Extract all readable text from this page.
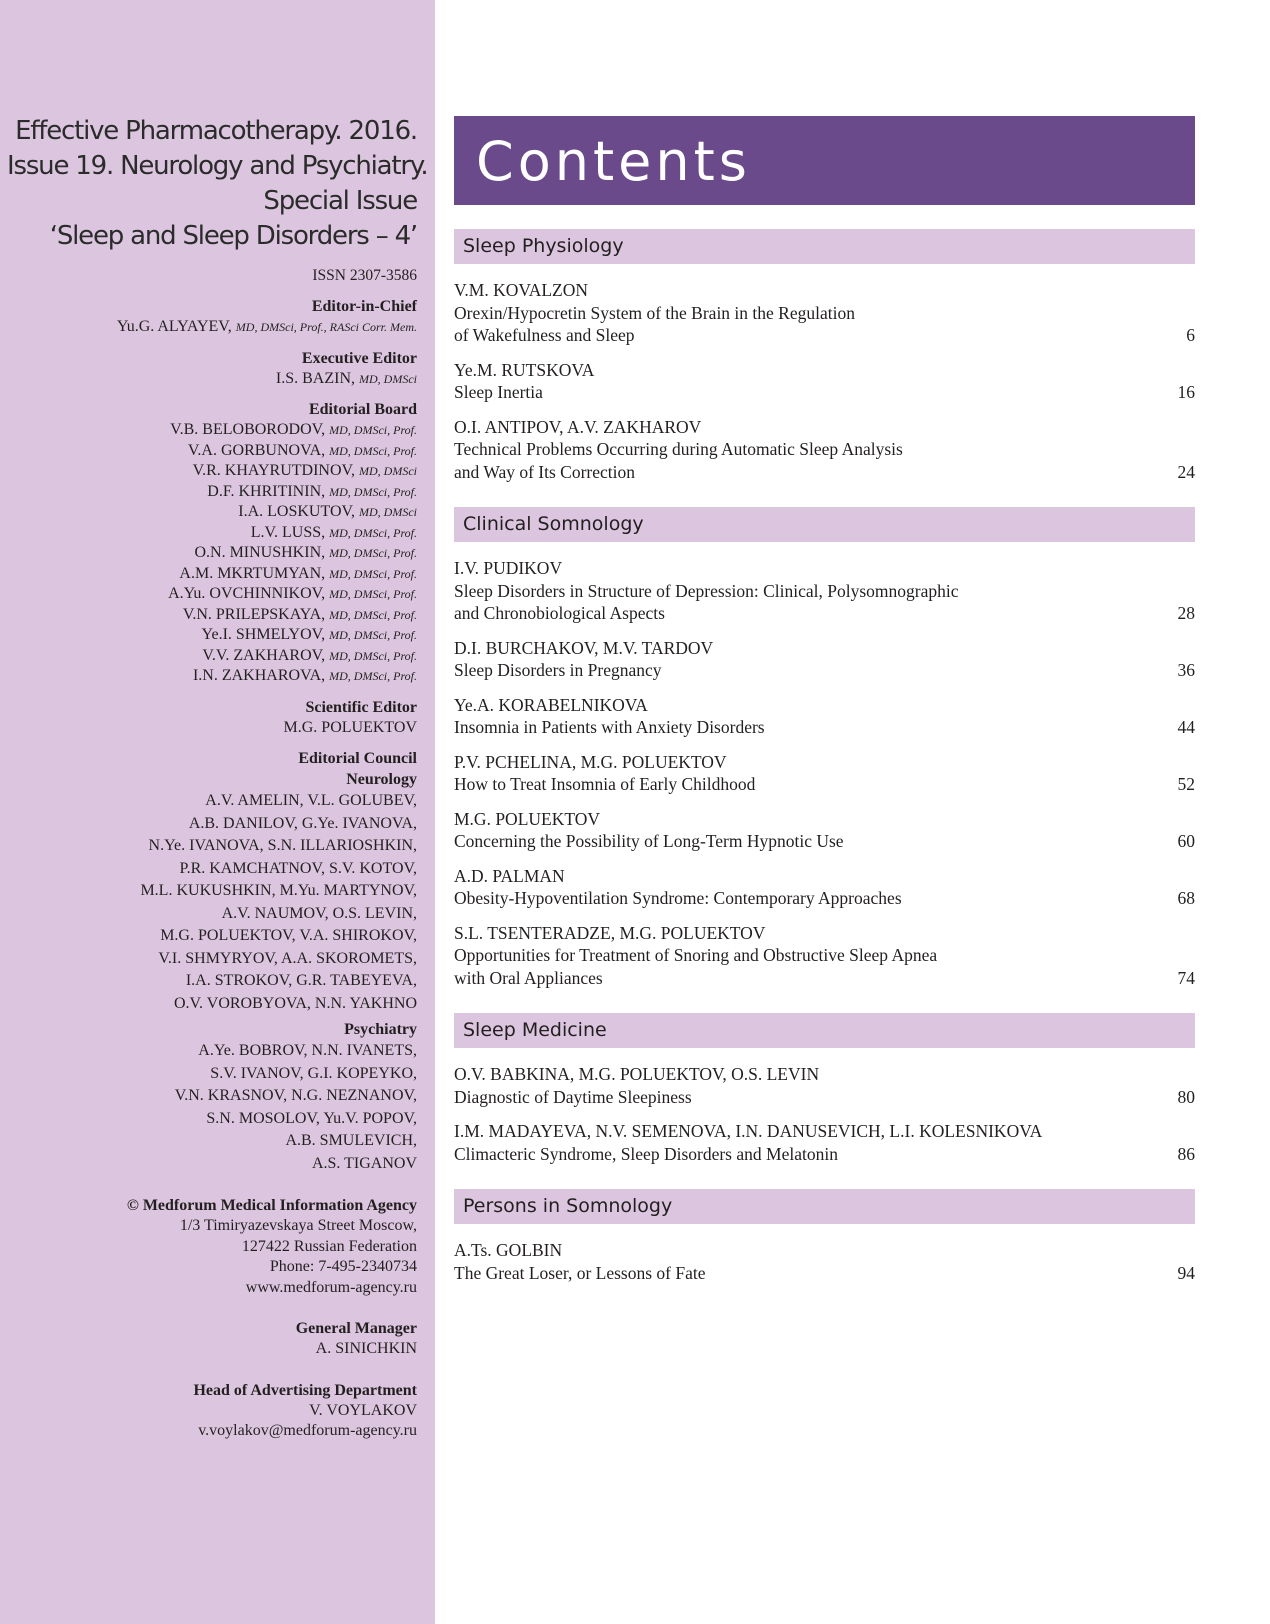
Effective Pharmacotherapy. 2016.
Issue 19. Neurology and Psychiatry.
Special Issue
‘Sleep and Sleep Disorders – 4’
ISSN 2307-3586
Editor-in-Chief
Yu.G. ALYAYEV, MD, DMSci, Prof., RASci Corr. Mem.
Executive Editor
I.S. BAZIN, MD, DMSci
Editorial Board
V.B. BELOBORODOV, MD, DMSci, Prof.
V.A. GORBUNOVA, MD, DMSci, Prof.
V.R. KHAYRUTDINOV, MD, DMSci
D.F. KHRITININ, MD, DMSci, Prof.
I.A. LOSKUTOV, MD, DMSci
L.V. LUSS, MD, DMSci, Prof.
O.N. MINUSHKIN, MD, DMSci, Prof.
A.M. MKRTUMYAN, MD, DMSci, Prof.
A.Yu. OVCHINNIKOV, MD, DMSci, Prof.
V.N. PRILEPSKAYA, MD, DMSci, Prof.
Ye.I. SHMELYOV, MD, DMSci, Prof.
V.V. ZAKHAROV, MD, DMSci, Prof.
I.N. ZAKHAROVA, MD, DMSci, Prof.
Scientific Editor
M.G. POLUEKTOV
Editorial Council
Neurology
A.V. AMELIN, V.L. GOLUBEV,
A.B. DANILOV, G.Ye. IVANOVA,
N.Ye. IVANOVA, S.N. ILLARIOSHKIN,
P.R. KAMCHATNOV, S.V. KOTOV,
M.L. KUKUSHKIN, M.Yu. MARTYNOV,
A.V. NAUMOV, O.S. LEVIN,
M.G. POLUEKTOV, V.A. SHIROKOV,
V.I. SHMYRYOV, A.A. SKOROMETS,
I.A. STROKOV, G.R. TABEYEVA,
O.V. VOROBYOVA, N.N. YAKHNO
Psychiatry
A.Ye. BOBROV, N.N. IVANETS,
S.V. IVANOV, G.I. KOPEYKO,
V.N. KRASNOV, N.G. NEZNANOV,
S.N. MOSOLOV, Yu.V. POPOV,
A.B. SMULEVICH,
A.S. TIGANOV
© Medforum Medical Information Agency
1/3 Timiryazevskaya Street Moscow,
127422 Russian Federation
Phone: 7-495-2340734
www.medforum-agency.ru
General Manager
A. SINICHKIN
Head of Advertising Department
V. VOYLAKOV
v.voylakov@medforum-agency.ru
Contents
Sleep Physiology
V.M. KOVALZON
Orexin/Hypocretin System of the Brain in the Regulation
of Wakefulness and Sleep	6
Ye.M. RUTSKOVA
Sleep Inertia	16
O.I. ANTIPOV, A.V. ZAKHAROV
Technical Problems Occurring during Automatic Sleep Analysis
and Way of Its Correction	24
Clinical Somnology
I.V. PUDIKOV
Sleep Disorders in Structure of Depression: Clinical, Polysomnographic
and Chronobiological Aspects	28
D.I. BURCHAKOV, M.V. TARDOV
Sleep Disorders in Pregnancy	36
Ye.A. KORABELNIKOVA
Insomnia in Patients with Anxiety Disorders	44
P.V. PCHELINA, M.G. POLUEKTOV
How to Treat Insomnia of Early Childhood	52
M.G. POLUEKTOV
Concerning the Possibility of Long-Term Hypnotic Use	60
A.D. PALMAN
Obesity-Hypoventilation Syndrome: Contemporary Approaches	68
S.L. TSENTERADZE, M.G. POLUEKTOV
Opportunities for Treatment of Snoring and Obstructive Sleep Apnea
with Oral Appliances	74
Sleep Medicine
O.V. BABKINA, M.G. POLUEKTOV, O.S. LEVIN
Diagnostic of Daytime Sleepiness	80
I.M. MADAYEVA, N.V. SEMENOVA, I.N. DANUSEVICH, L.I. KOLESNIKOVA
Climacteric Syndrome, Sleep Disorders and Melatonin	86
Persons in Somnology
A.Ts. GOLBIN
The Great Loser, or Lessons of Fate	94
